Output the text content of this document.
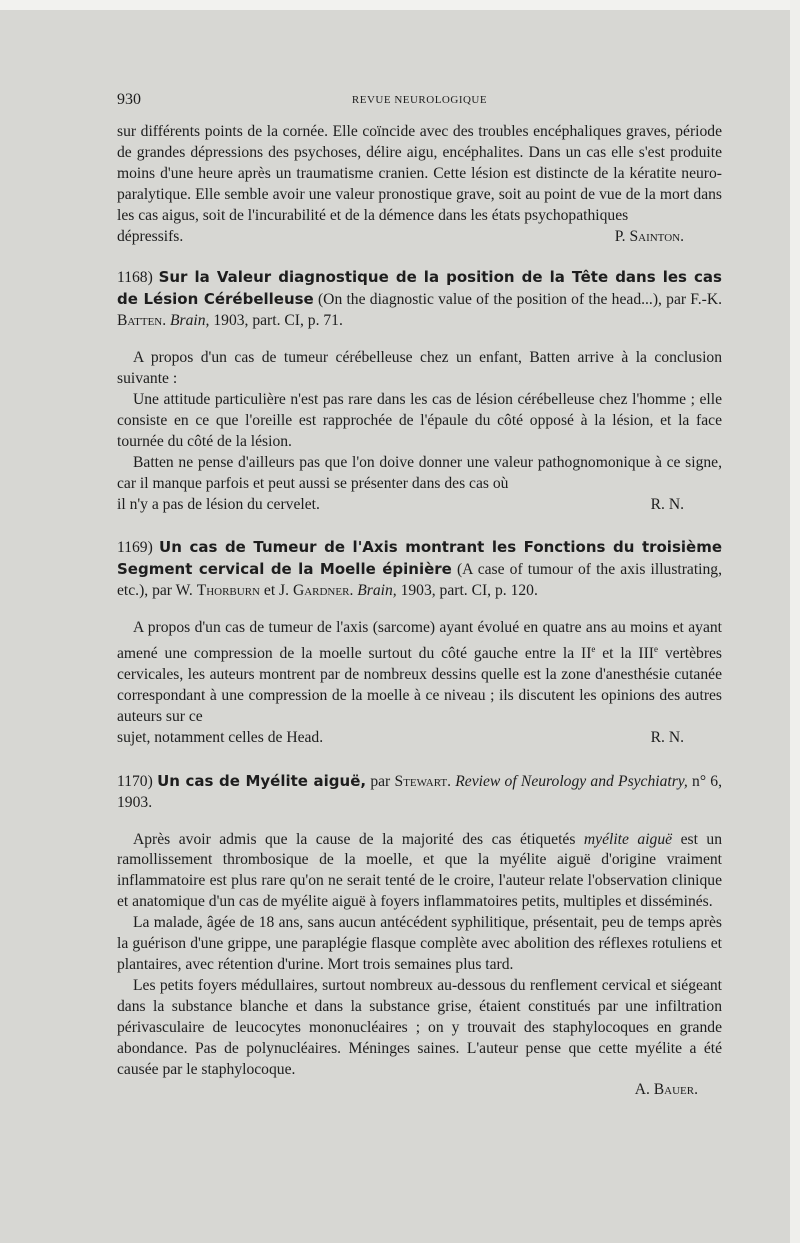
930	REVUE NEUROLOGIQUE

sur différents points de la cornée. Elle coïncide avec des troubles encéphaliques graves, période de grandes dépressions des psychoses, délire aigu, encéphalites. Dans un cas elle s'est produite moins d'une heure après un traumatisme cranien. Cette lésion est distincte de la kératite neuro-paralytique. Elle semble avoir une valeur pronostique grave, soit au point de vue de la mort dans les cas aigus, soit de l'incurabilité et de la démence dans les états psychopathiques

dépressifs.	P. Sainton.

1168) Sur la Valeur diagnostique de la position de la Tête dans les cas de Lésion Cérébelleuse (On the diagnostic value of the position of the head...), par F.-K. Batten. Brain, 1903, part. CI, p. 71.

A propos d'un cas de tumeur cérébelleuse chez un enfant, Batten arrive à la conclusion suivante :

Une attitude particulière n'est pas rare dans les cas de lésion cérébelleuse chez l'homme ; elle consiste en ce que l'oreille est rapprochée de l'épaule du côté opposé à la lésion, et la face tournée du côté de la lésion.

Batten ne pense d'ailleurs pas que l'on doive donner une valeur pathognomonique à ce signe, car il manque parfois et peut aussi se présenter dans des cas où

il n'y a pas de lésion du cervelet.	R. N.

1169) Un cas de Tumeur de l'Axis montrant les Fonctions du troisième Segment cervical de la Moelle épinière (A case of tumour of the axis illustrating, etc.), par W. Thorburn et J. Gardner. Brain, 1903, part. CI, p. 120.

A propos d'un cas de tumeur de l'axis (sarcome) ayant évolué en quatre ans au moins et ayant amené une compression de la moelle surtout du côté gauche entre la IIe et la IIIe vertèbres cervicales, les auteurs montrent par de nombreux dessins quelle est la zone d'anesthésie cutanée correspondant à une compression de la moelle à ce niveau ; ils discutent les opinions des autres auteurs sur ce

sujet, notamment celles de Head.	R. N.

1170) Un cas de Myélite aiguë, par Stewart. Review of Neurology and Psychiatry, n° 6, 1903.

Après avoir admis que la cause de la majorité des cas étiquetés myélite aiguë est un ramollissement thrombosique de la moelle, et que la myélite aiguë d'origine vraiment inflammatoire est plus rare qu'on ne serait tenté de le croire, l'auteur relate l'observation clinique et anatomique d'un cas de myélite aiguë à foyers inflammatoires petits, multiples et disséminés.

La malade, âgée de 18 ans, sans aucun antécédent syphilitique, présentait, peu de temps après la guérison d'une grippe, une paraplégie flasque complète avec abolition des réflexes rotuliens et plantaires, avec rétention d'urine. Mort trois semaines plus tard.

Les petits foyers médullaires, surtout nombreux au-dessous du renflement cervical et siégeant dans la substance blanche et dans la substance grise, étaient constitués par une infiltration périvasculaire de leucocytes mononucléaires ; on y trouvait des staphylocoques en grande abondance. Pas de polynucléaires. Méninges saines. L'auteur pense que cette myélite a été causée par le staphylocoque.

A. Bauer.
